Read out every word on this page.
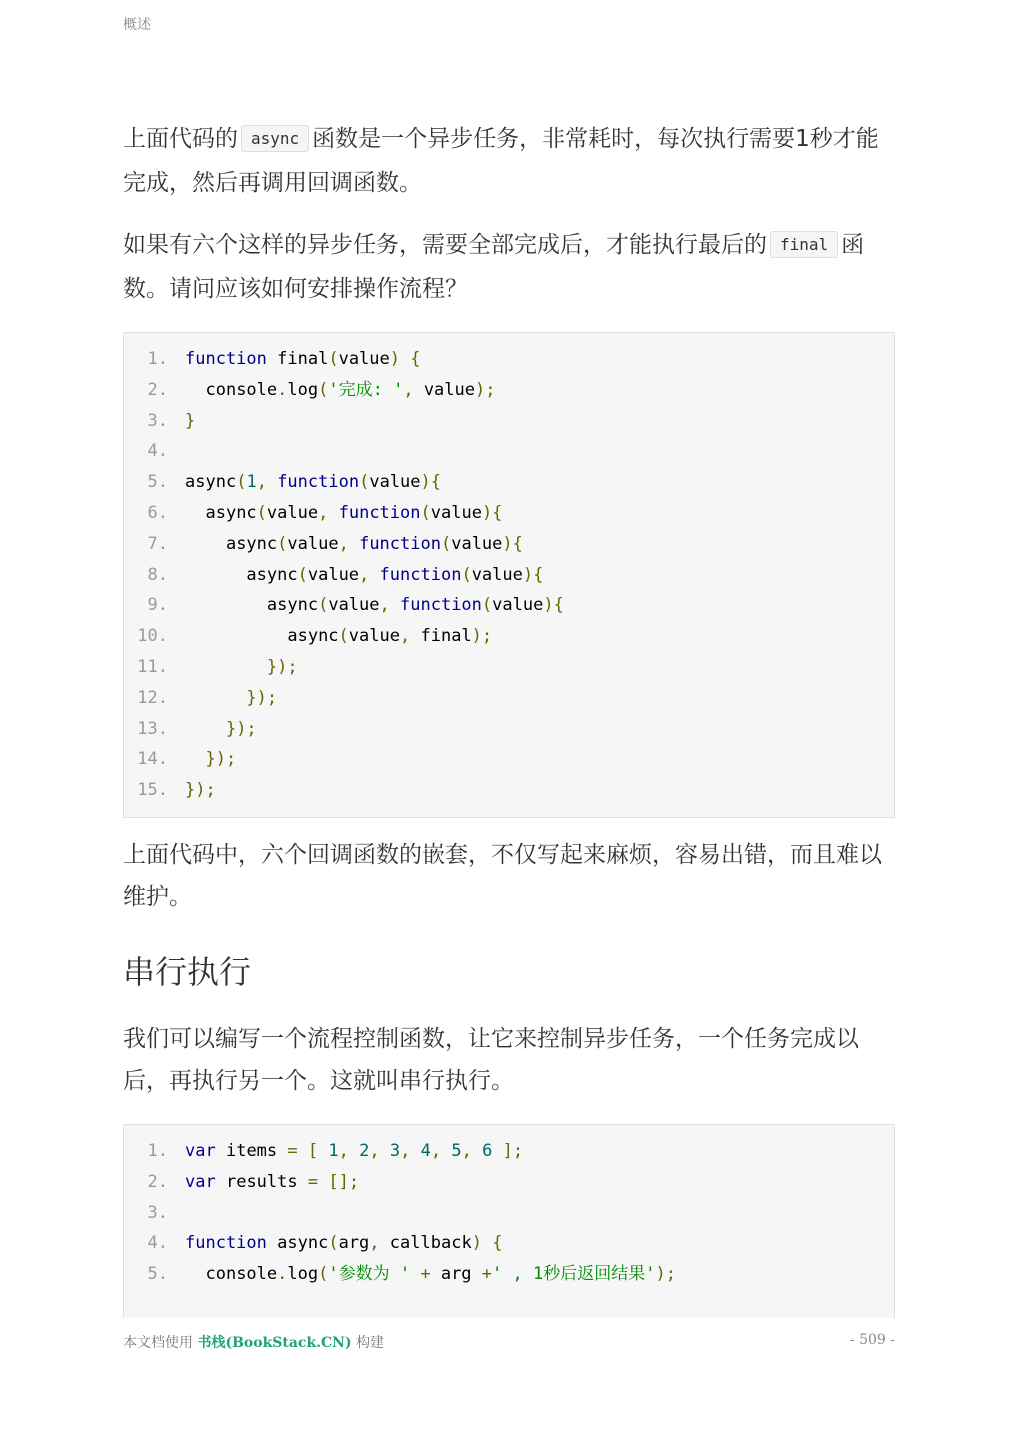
概述

上面代码的 async 函数是一个异步任务，非常耗时，每次执行需要1秒才能完成，然后再调用回调函数。

如果有六个这样的异步任务，需要全部完成后，才能执行最后的 final 函数。请问应该如何安排操作流程？

1.	function final(value) {
2.	console.log('完成: ', value);
3.	}
4.

5.	async(1, function(value){
6.	async(value, function(value){
7.	async(value, function(value){
8.	async(value, function(value){
9.	async(value, function(value){
10.	async(value, final);
11.	});
12.	});
13.	});
14.	});
15.	});

上面代码中，六个回调函数的嵌套，不仅写起来麻烦，容易出错，而且难以维护。

串行执行

我们可以编写一个流程控制函数，让它来控制异步任务，一个任务完成以后，再执行另一个。这就叫串行执行。

1.	var items = [ 1, 2, 3, 4, 5, 6 ];
2.	var results = [];
3.

4.	function async(arg, callback) {
5.	console.log('参数为 ' + arg +' , 1秒后返回结果');
本文档使用 书栈(BookStack.CN) 构建	- 509 -
